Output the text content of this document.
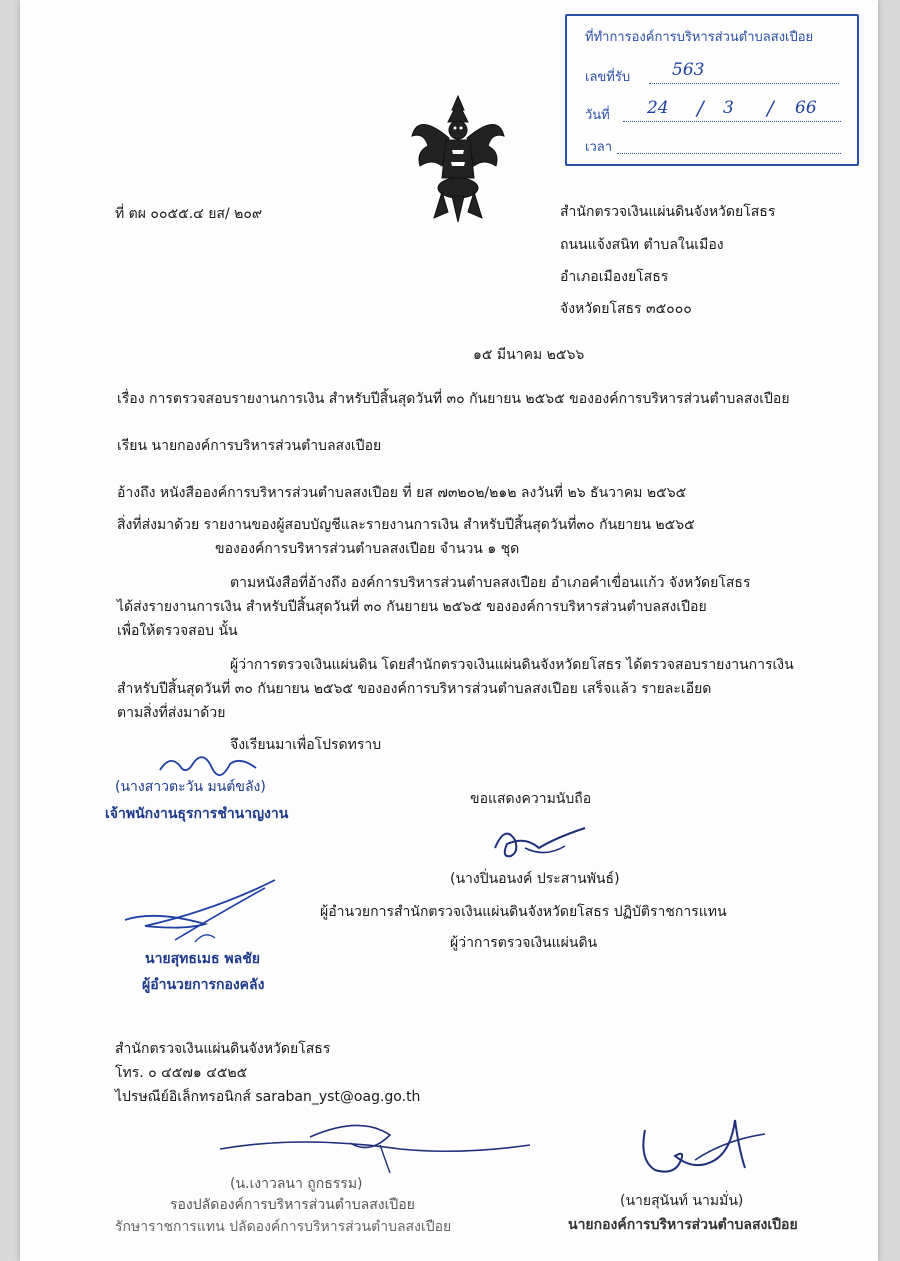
ที่ทำการองค์การบริหารส่วนตำบลสงเปือย
เลขที่รับ 563
วันที่ 24 / 3 / 66
เวลา
ที่ ตผ ๐๐๕๕.๔ ยส/ ๒๐๙	สำนักตรวจเงินแผ่นดินจังหวัดยโสธร
ถนนแจ้งสนิท ตำบลในเมือง
อำเภอเมืองยโสธร
จังหวัดยโสธร ๓๕๐๐๐
๑๕ มีนาคม ๒๕๖๖
เรื่อง การตรวจสอบรายงานการเงิน สำหรับปีสิ้นสุดวันที่ ๓๐ กันยายน ๒๕๖๕ ขององค์การบริหารส่วนตำบลสงเปือย
เรียน นายกองค์การบริหารส่วนตำบลสงเปือย
อ้างถึง หนังสือองค์การบริหารส่วนตำบลสงเปือย ที่ ยส ๗๓๒๐๒/๒๑๒ ลงวันที่ ๒๖ ธันวาคม ๒๕๖๕
สิ่งที่ส่งมาด้วย รายงานของผู้สอบบัญชีและรายงานการเงิน สำหรับปีสิ้นสุดวันที่๓๐ กันยายน ๒๕๖๕
ขององค์การบริหารส่วนตำบลสงเปือย จำนวน ๑ ชุด
ตามหนังสือที่อ้างถึง องค์การบริหารส่วนตำบลสงเปือย อำเภอคำเขื่อนแก้ว จังหวัดยโสธร
ได้ส่งรายงานการเงิน สำหรับปีสิ้นสุดวันที่ ๓๐ กันยายน ๒๕๖๕ ขององค์การบริหารส่วนตำบลสงเปือย
เพื่อให้ตรวจสอบ นั้น
ผู้ว่าการตรวจเงินแผ่นดิน โดยสำนักตรวจเงินแผ่นดินจังหวัดยโสธร ได้ตรวจสอบรายงานการเงิน
สำหรับปีสิ้นสุดวันที่ ๓๐ กันยายน ๒๕๖๕ ขององค์การบริหารส่วนตำบลสงเปือย เสร็จแล้ว รายละเอียด
ตามสิ่งที่ส่งมาด้วย
จึงเรียนมาเพื่อโปรดทราบ
(นางสาวตะวัน มนต์ขลัง)
เจ้าพนักงานธุรการชำนาญงาน
ขอแสดงความนับถือ
(นางปิ่นอนงค์ ประสานพันธ์)
ผู้อำนวยการสำนักตรวจเงินแผ่นดินจังหวัดยโสธร ปฏิบัติราชการแทน
ผู้ว่าการตรวจเงินแผ่นดิน
นายสุทธเมธ พลชัย
ผู้อำนวยการกองคลัง
สำนักตรวจเงินแผ่นดินจังหวัดยโสธร
โทร. ๐ ๔๕๗๑ ๔๕๒๕
ไปรษณีย์อิเล็กทรอนิกส์ saraban_yst@oag.go.th
(น.เงาวลนา ถูกธรรม)
รองปลัดองค์การบริหารส่วนตำบลสงเปือย
รักษาราชการแทน ปลัดองค์การบริหารส่วนตำบลสงเปือย
(นายสุนันท์ นามมั่น)
นายกองค์การบริหารส่วนตำบลสงเปือย
